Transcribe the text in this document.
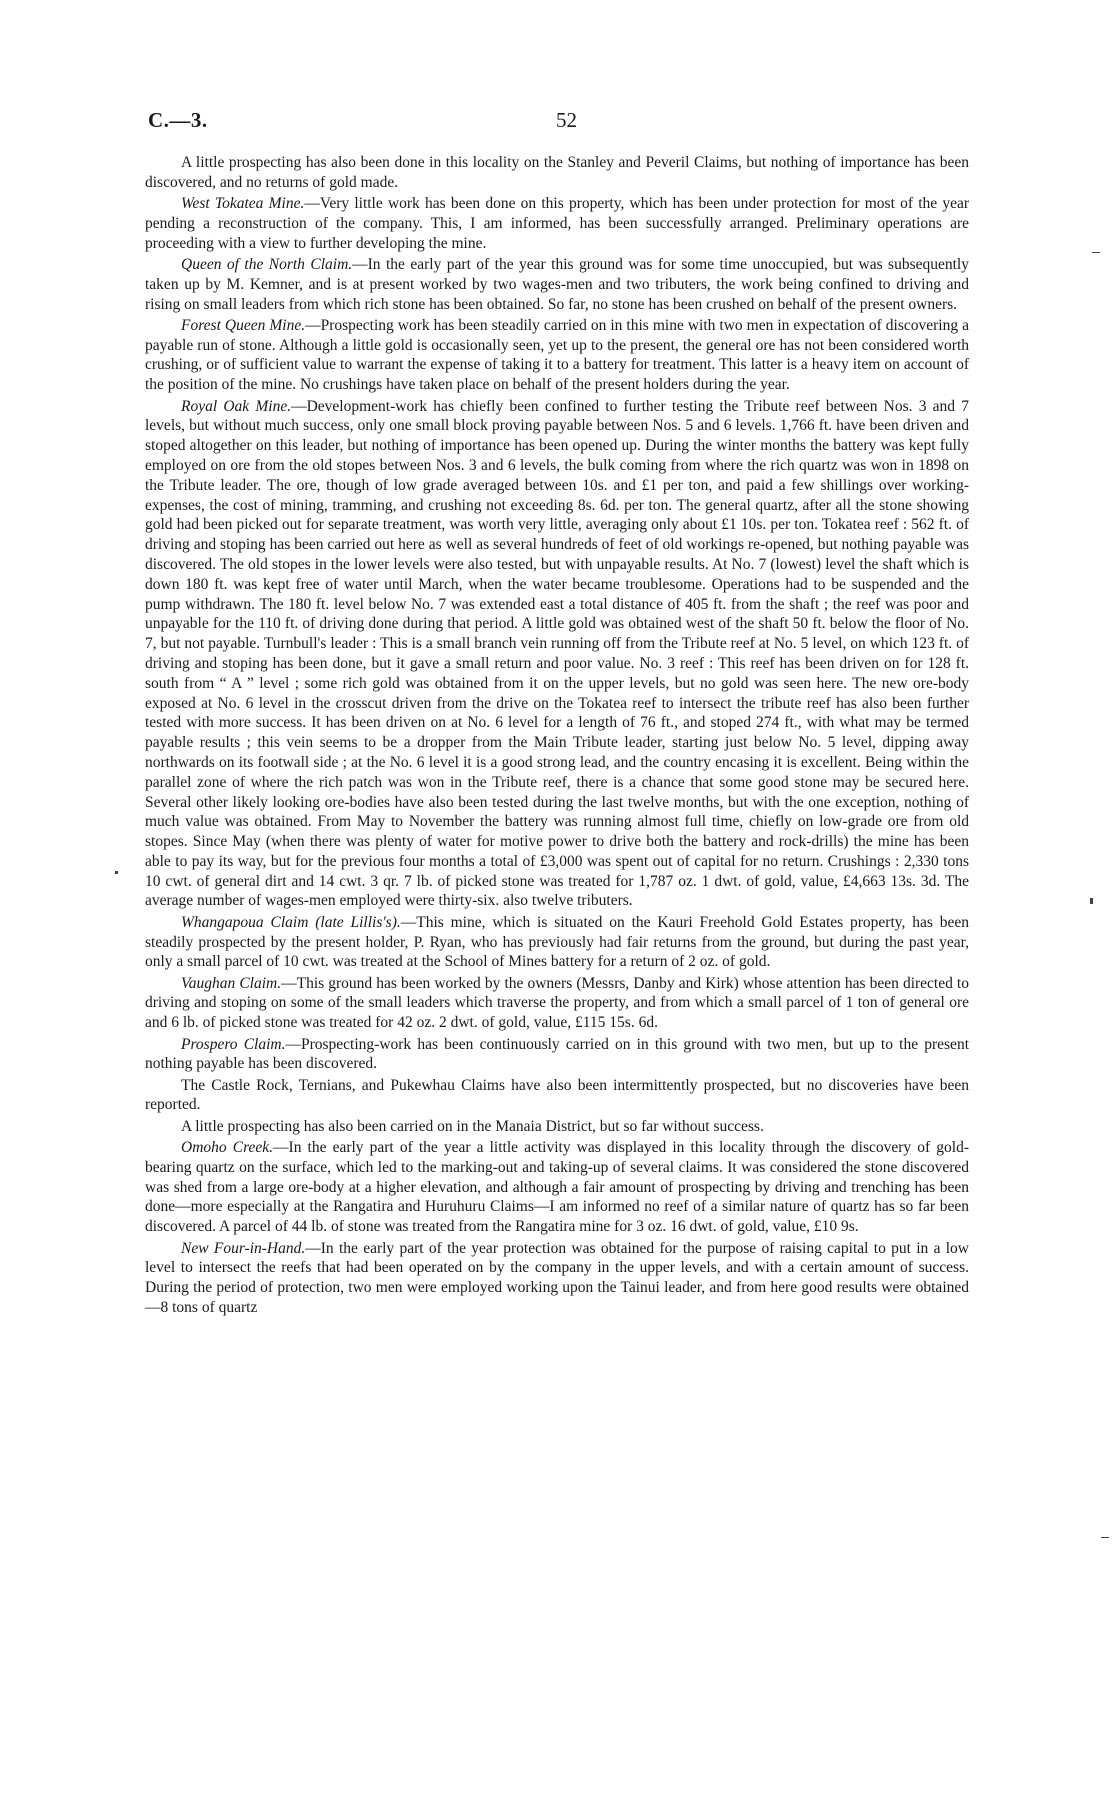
C.—3.	52

A little prospecting has also been done in this locality on the Stanley and Peveril Claims, but nothing of importance has been discovered, and no returns of gold made.

West Tokatea Mine.—Very little work has been done on this property, which has been under protection for most of the year pending a reconstruction of the company. This, I am informed, has been successfully arranged. Preliminary operations are proceeding with a view to further developing the mine.

Queen of the North Claim.—In the early part of the year this ground was for some time unoccupied, but was subsequently taken up by M. Kemner, and is at present worked by two wages-men and two tributers, the work being confined to driving and rising on small leaders from which rich stone has been obtained. So far, no stone has been crushed on behalf of the present owners.

Forest Queen Mine.—Prospecting work has been steadily carried on in this mine with two men in expectation of discovering a payable run of stone. Although a little gold is occasionally seen, yet up to the present, the general ore has not been considered worth crushing, or of sufficient value to warrant the expense of taking it to a battery for treatment. This latter is a heavy item on account of the position of the mine. No crushings have taken place on behalf of the present holders during the year.

Royal Oak Mine.—Development-work has chiefly been confined to further testing the Tribute reef between Nos. 3 and 7 levels, but without much success, only one small block proving payable between Nos. 5 and 6 levels. 1,766 ft. have been driven and stoped altogether on this leader, but nothing of importance has been opened up. During the winter months the battery was kept fully employed on ore from the old stopes between Nos. 3 and 6 levels, the bulk coming from where the rich quartz was won in 1898 on the Tribute leader. The ore, though of low grade averaged between 10s. and £1 per ton, and paid a few shillings over working-expenses, the cost of mining, tramming, and crushing not exceeding 8s. 6d. per ton. The general quartz, after all the stone showing gold had been picked out for separate treatment, was worth very little, averaging only about £1 10s. per ton. Tokatea reef : 562 ft. of driving and stoping has been carried out here as well as several hundreds of feet of old workings re-opened, but nothing payable was discovered. The old stopes in the lower levels were also tested, but with unpayable results. At No. 7 (lowest) level the shaft which is down 180 ft. was kept free of water until March, when the water became troublesome. Operations had to be suspended and the pump withdrawn. The 180 ft. level below No. 7 was extended east a total distance of 405 ft. from the shaft ; the reef was poor and unpayable for the 110 ft. of driving done during that period. A little gold was obtained west of the shaft 50 ft. below the floor of No. 7, but not payable. Turnbull's leader : This is a small branch vein running off from the Tribute reef at No. 5 level, on which 123 ft. of driving and stoping has been done, but it gave a small return and poor value. No. 3 reef : This reef has been driven on for 128 ft. south from “ A ” level ; some rich gold was obtained from it on the upper levels, but no gold was seen here. The new ore-body exposed at No. 6 level in the crosscut driven from the drive on the Tokatea reef to intersect the tribute reef has also been further tested with more success. It has been driven on at No. 6 level for a length of 76 ft., and stoped 274 ft., with what may be termed payable results ; this vein seems to be a dropper from the Main Tribute leader, starting just below No. 5 level, dipping away northwards on its footwall side ; at the No. 6 level it is a good strong lead, and the country encasing it is excellent. Being within the parallel zone of where the rich patch was won in the Tribute reef, there is a chance that some good stone may be secured here. Several other likely looking ore-bodies have also been tested during the last twelve months, but with the one exception, nothing of much value was obtained. From May to November the battery was running almost full time, chiefly on low-grade ore from old stopes. Since May (when there was plenty of water for motive power to drive both the battery and rock-drills) the mine has been able to pay its way, but for the previous four months a total of £3,000 was spent out of capital for no return. Crushings : 2,330 tons 10 cwt. of general dirt and 14 cwt. 3 qr. 7 lb. of picked stone was treated for 1,787 oz. 1 dwt. of gold, value, £4,663 13s. 3d. The average number of wages-men employed were thirty-six. also twelve tributers.

Whangapoua Claim (late Lillis's).—This mine, which is situated on the Kauri Freehold Gold Estates property, has been steadily prospected by the present holder, P. Ryan, who has previously had fair returns from the ground, but during the past year, only a small parcel of 10 cwt. was treated at the School of Mines battery for a return of 2 oz. of gold.

Vaughan Claim.—This ground has been worked by the owners (Messrs, Danby and Kirk) whose attention has been directed to driving and stoping on some of the small leaders which traverse the property, and from which a small parcel of 1 ton of general ore and 6 lb. of picked stone was treated for 42 oz. 2 dwt. of gold, value, £115 15s. 6d.

Prospero Claim.—Prospecting-work has been continuously carried on in this ground with two men, but up to the present nothing payable has been discovered.

The Castle Rock, Ternians, and Pukewhau Claims have also been intermittently prospected, but no discoveries have been reported.

A little prospecting has also been carried on in the Manaia District, but so far without success.

Omoho Creek.—In the early part of the year a little activity was displayed in this locality through the discovery of gold-bearing quartz on the surface, which led to the marking-out and taking-up of several claims. It was considered the stone discovered was shed from a large ore-body at a higher elevation, and although a fair amount of prospecting by driving and trenching has been done—more especially at the Rangatira and Huruhuru Claims—I am informed no reef of a similar nature of quartz has so far been discovered. A parcel of 44 lb. of stone was treated from the Rangatira mine for 3 oz. 16 dwt. of gold, value, £10 9s.

New Four-in-Hand.—In the early part of the year protection was obtained for the purpose of raising capital to put in a low level to intersect the reefs that had been operated on by the company in the upper levels, and with a certain amount of success. During the period of protection, two men were employed working upon the Tainui leader, and from here good results were obtained—8 tons of quartz
